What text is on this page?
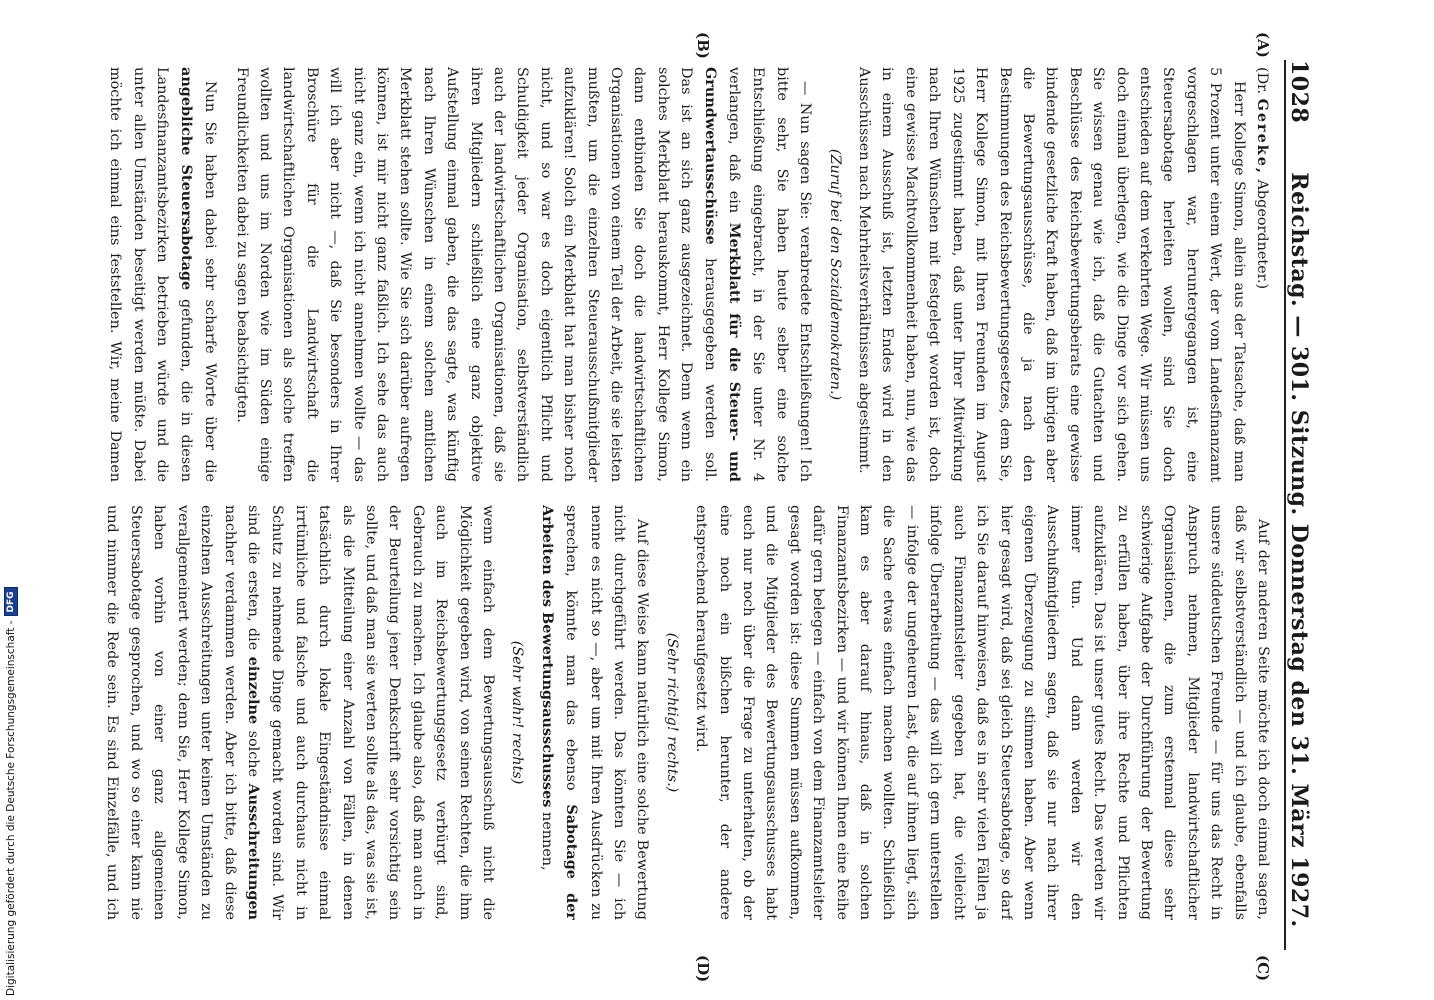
1028
Reichstag. — 301. Sitzung. Donnerstag den 31. März 1927.
(A)
(B)
(C)
(D)

(Dr. Gereke, Abgeordneter.)

Herr Kollege Simon, allein aus der Tatsache, daß man 5 Prozent unter einem Wert, der vom Landesfinanzamt vorgeschlagen war, heruntergegangen ist, eine Steuersabotage herleiten wollen, sind Sie doch entschieden auf dem verkehrten Wege. Wir müssen uns doch einmal überlegen, wie die Dinge vor sich gehen. Sie wissen genau wie ich, daß die Gutachten und Beschlüsse des Reichsbewertungsbeirats eine gewisse bindende gesetzliche Kraft haben, daß im übrigen aber die Bewertungsausschüsse, die ja nach den Bestimmungen des Reichsbewertungsgesetzes, dem Sie, Herr Kollege Simon, mit Ihren Freunden im August 1925 zugestimmt haben, daß unter Ihrer Mitwirkung nach Ihren Wünschen mit festgelegt worden ist, doch eine gewisse Machtvollkommenheit haben, nun, wie das in einem Ausschuß ist, letzten Endes wird in den Ausschüssen nach Mehrheitsverhältnissen abgestimmt.

(Zuruf bei den Sozialdemokraten.)

— Nun sagen Sie: verabredete Entschließungen! Ich bitte sehr, Sie haben heute selber eine solche Entschließung eingebracht, in der Sie unter Nr. 4 verlangen, daß ein Merkblatt für die Steuer- und Grundwertausschüsse herausgegeben werden soll. Das ist an sich ganz ausgezeichnet. Denn wenn ein solches Merkblatt herauskommt, Herr Kollege Simon, dann entbinden Sie doch die landwirtschaftlichen Organisationen von einem Teil der Arbeit, die sie leisten mußten, um die einzelnen Steuerausschußmitglieder aufzuklären! Solch ein Merkblatt hat man bisher noch nicht, und so war es doch eigentlich Pflicht und Schuldigkeit jeder Organisation, selbstverständlich auch der landwirtschaftlichen Organisationen, daß sie ihren Mitgliedern schließlich eine ganz objektive Aufstellung einmal gaben, die das sagte, was künftig nach Ihren Wünschen in einem solchen amtlichen Merkblatt stehen sollte. Wie Sie sich darüber aufregen können, ist mir nicht ganz faßlich. Ich sehe das auch nicht ganz ein, wenn ich nicht annehmen wollte — das will ich aber nicht —, daß Sie besonders in Ihrer Broschüre für die Landwirtschaft die landwirtschaftlichen Organisationen als solche treffen wollten und uns im Norden wie im Süden einige Freundlichkeiten dabei zu sagen beabsichtigten.

Nun Sie haben dabei sehr scharfe Worte über die angebliche Steuersabotage gefunden, die in diesen Landesfinanzamtsbezirken betrieben würde und die unter allen Umständen beseitigt werden müßte. Dabei möchte ich einmal eins feststellen. Wir, meine Damen

Auf der anderen Seite möchte ich doch einmal sagen, daß wir selbstverständlich — und ich glaube, ebenfalls unsere süddeutschen Freunde — für uns das Recht in Anspruch nehmen, Mitglieder landwirtschaftlicher Organisationen, die zum erstenmal diese sehr schwierige Aufgabe der Durchführung der Bewertung zu erfüllen haben, über ihre Rechte und Pflichten aufzuklären. Das ist unser gutes Recht. Das werden wir immer tun. Und dann werden wir den Ausschußmitgliedern sagen, daß sie nur nach ihrer eigenen Überzeugung zu stimmen haben. Aber wenn hier gesagt wird, daß sei gleich Steuersabotage, so darf ich Sie darauf hinweisen, daß es in sehr vielen Fällen ja auch Finanzamtsleiter gegeben hat, die vielleicht infolge Überarbeitung — das will ich gern unterstellen — infolge der ungeheuren Last, die auf ihnen liegt, sich die Sache etwas einfach machen wollten. Schließlich kam es aber darauf hinaus, daß in solchen Finanzamtsbezirken — und wir können Ihnen eine Reihe dafür gern belegen — einfach von dem Finanzamtsleiter gesagt worden ist: diese Summen müssen aufkommen, und die Mitglieder des Bewertungsausschusses habt euch nur noch über die Frage zu unterhalten, ob der eine noch ein bißchen herunter, der andere entsprechend heraufgesetzt wird.

(Sehr richtig! rechts.)

Auf diese Weise kann natürlich eine solche Bewertung nicht durchgeführt werden. Das könnten Sie — ich nenne es nicht so —, aber um mit Ihren Ausdrücken zu sprechen, könnte man das ebenso Sabotage der Arbeiten des Bewertungsausschusses nennen,

(Sehr wahr! rechts)

wenn einfach dem Bewertungsausschuß nicht die Möglichkeit gegeben wird, von seinen Rechten, die ihm auch im Reichsbewertungsgesetz verbürgt sind, Gebrauch zu machen. Ich glaube also, daß man auch in der Beurteilung jener Denkschrift sehr vorsichtig sein sollte, und daß man sie werten sollte als das, was sie ist, als die Mitteilung einer Anzahl von Fällen, in denen tatsächlich durch lokale Eingeständnisse einmal irrtümliche und falsche und auch durchaus nicht in Schutz zu nehmende Dinge gemacht worden sind. Wir sind die ersten, die einzelne solche Ausschreitungen nachher verdammen werden. Aber ich bitte, daß diese einzelnen Ausschreitungen unter keinen Umständen zu verallgemeinert werden; denn Sie, Herr Kollege Simon, haben vorhin von einer ganz allgemeinen Steuersabotage gesprochen, und wo so einer kann nie und nimmer die Rede sein. Es sind Einzelfälle, und ich

Digitalisierung gefördert durch die Deutsche Forschungsgemeinschaft -
DFG
